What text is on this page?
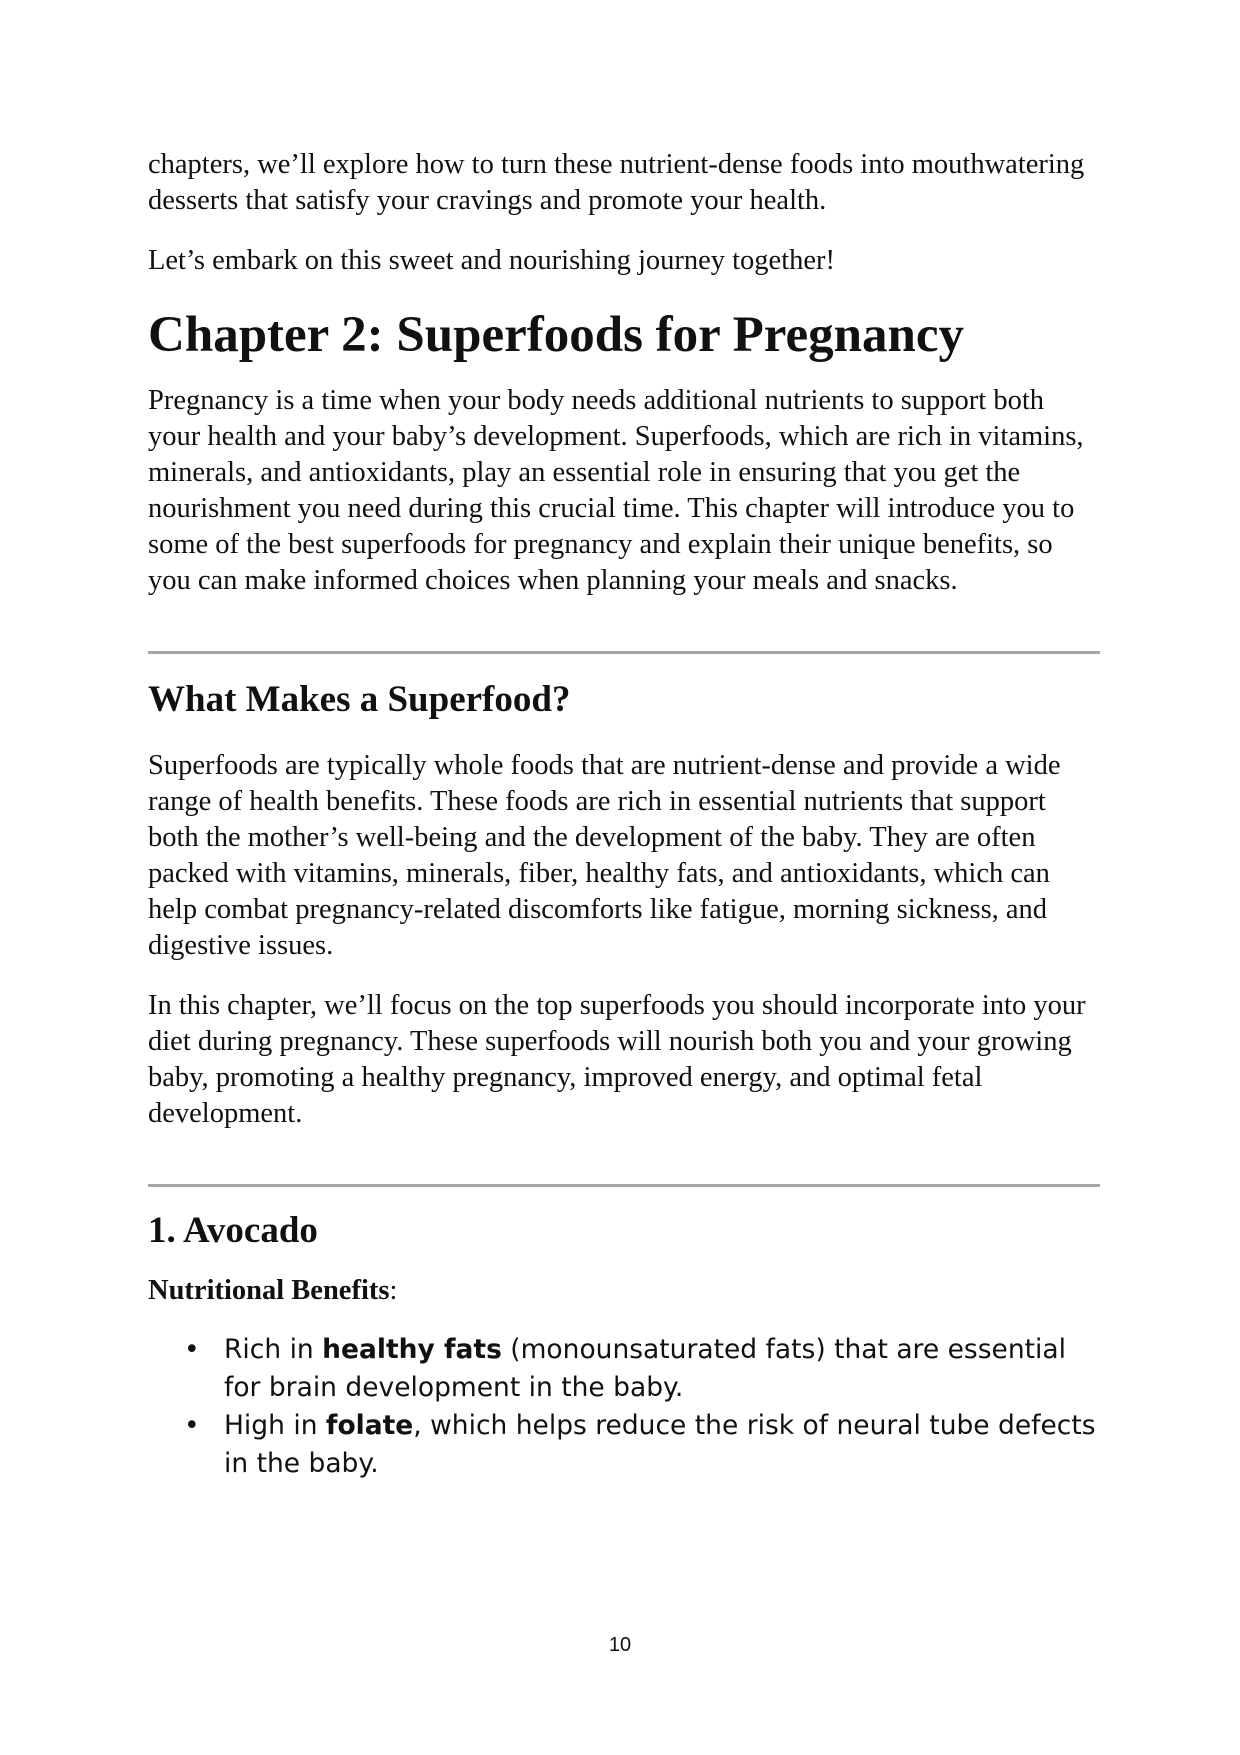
chapters, we’ll explore how to turn these nutrient-dense foods into mouthwatering desserts that satisfy your cravings and promote your health.

Let’s embark on this sweet and nourishing journey together!

Chapter 2: Superfoods for Pregnancy

Pregnancy is a time when your body needs additional nutrients to support both your health and your baby’s development. Superfoods, which are rich in vitamins, minerals, and antioxidants, play an essential role in ensuring that you get the nourishment you need during this crucial time. This chapter will introduce you to some of the best superfoods for pregnancy and explain their unique benefits, so you can make informed choices when planning your meals and snacks.

What Makes a Superfood?

Superfoods are typically whole foods that are nutrient-dense and provide a wide range of health benefits. These foods are rich in essential nutrients that support both the mother’s well-being and the development of the baby. They are often packed with vitamins, minerals, fiber, healthy fats, and antioxidants, which can help combat pregnancy-related discomforts like fatigue, morning sickness, and digestive issues.

In this chapter, we’ll focus on the top superfoods you should incorporate into your diet during pregnancy. These superfoods will nourish both you and your growing baby, promoting a healthy pregnancy, improved energy, and optimal fetal development.

1. Avocado
Nutritional Benefits:
• Rich in healthy fats (monounsaturated fats) that are essential for brain development in the baby.
• High in folate, which helps reduce the risk of neural tube defects in the baby.
10
